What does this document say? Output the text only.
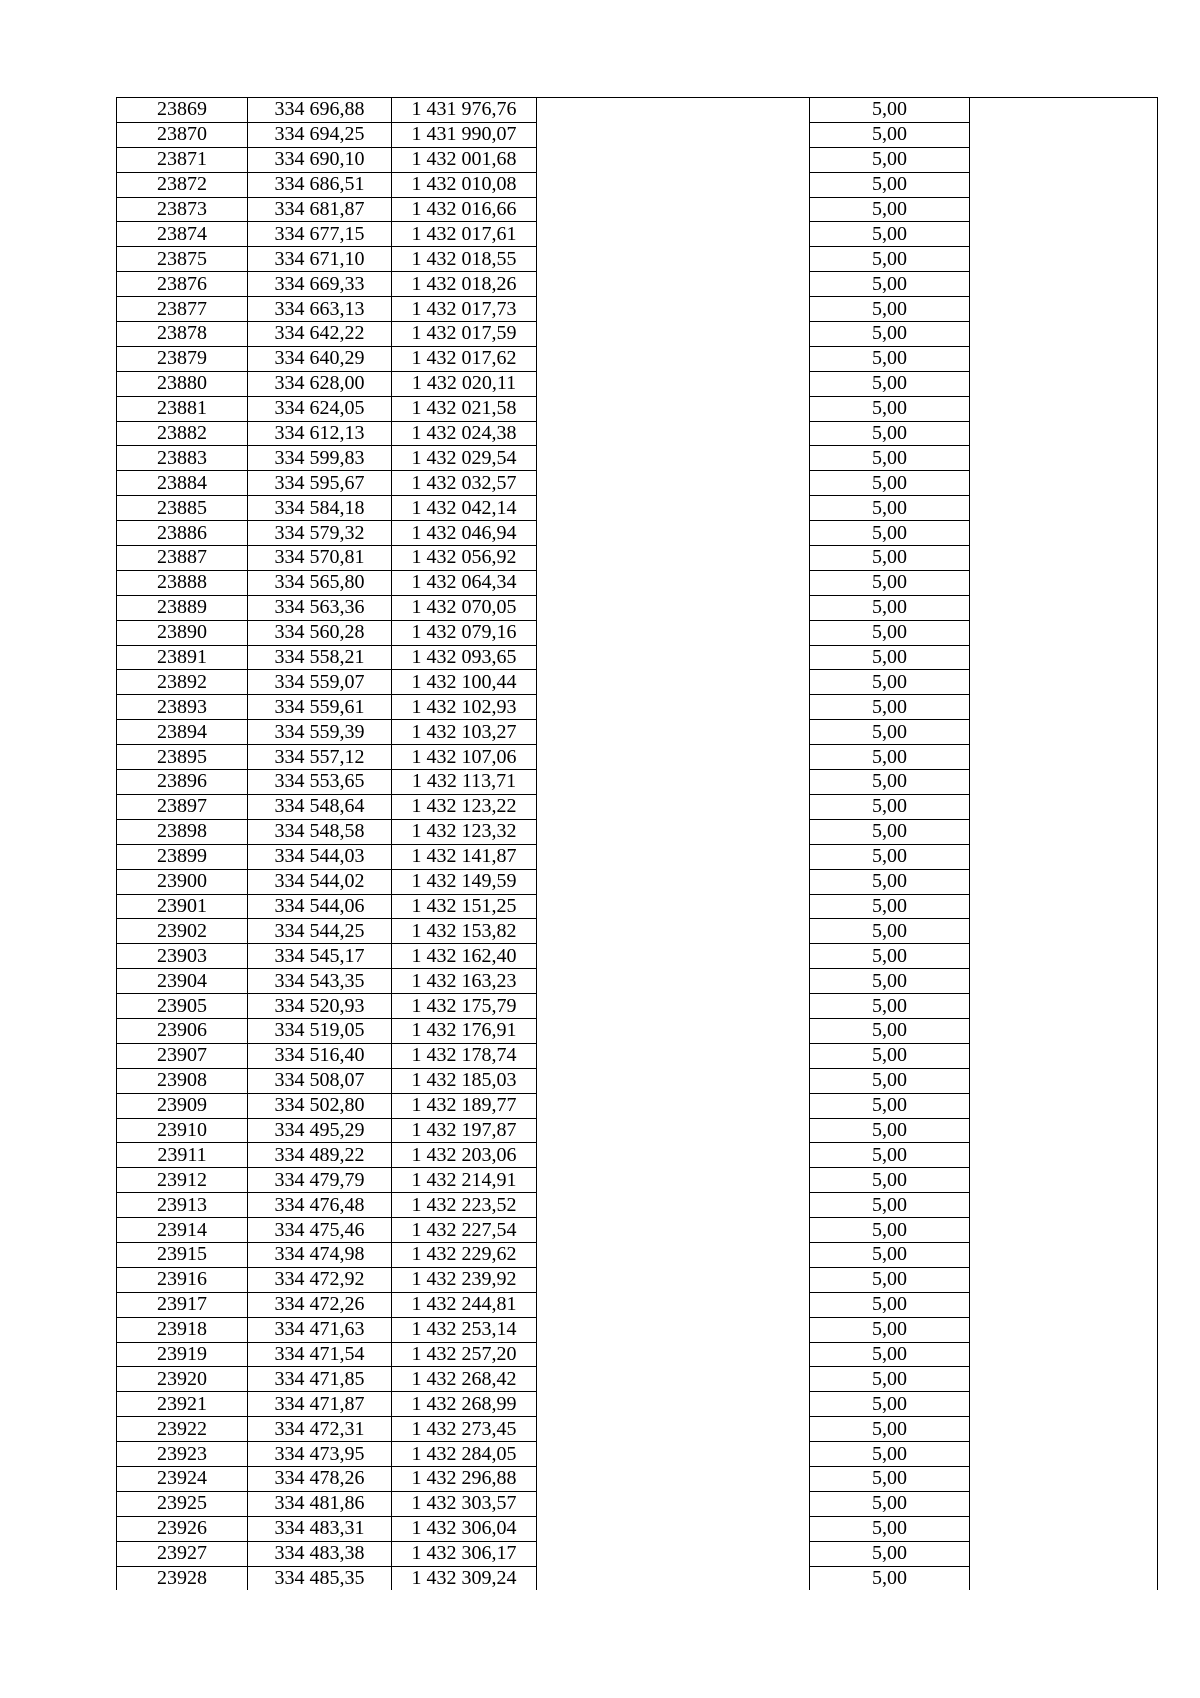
23869	334 696,88	1 431 976,76		5,00	
23870	334 694,25	1 431 990,07		5,00	
23871	334 690,10	1 432 001,68		5,00	
23872	334 686,51	1 432 010,08		5,00	
23873	334 681,87	1 432 016,66		5,00	
23874	334 677,15	1 432 017,61		5,00	
23875	334 671,10	1 432 018,55		5,00	
23876	334 669,33	1 432 018,26		5,00	
23877	334 663,13	1 432 017,73		5,00	
23878	334 642,22	1 432 017,59		5,00	
23879	334 640,29	1 432 017,62		5,00	
23880	334 628,00	1 432 020,11		5,00	
23881	334 624,05	1 432 021,58		5,00	
23882	334 612,13	1 432 024,38		5,00	
23883	334 599,83	1 432 029,54		5,00	
23884	334 595,67	1 432 032,57		5,00	
23885	334 584,18	1 432 042,14		5,00	
23886	334 579,32	1 432 046,94		5,00	
23887	334 570,81	1 432 056,92		5,00	
23888	334 565,80	1 432 064,34		5,00	
23889	334 563,36	1 432 070,05		5,00	
23890	334 560,28	1 432 079,16		5,00	
23891	334 558,21	1 432 093,65		5,00	
23892	334 559,07	1 432 100,44		5,00	
23893	334 559,61	1 432 102,93		5,00	
23894	334 559,39	1 432 103,27		5,00	
23895	334 557,12	1 432 107,06		5,00	
23896	334 553,65	1 432 113,71		5,00	
23897	334 548,64	1 432 123,22		5,00	
23898	334 548,58	1 432 123,32		5,00	
23899	334 544,03	1 432 141,87		5,00	
23900	334 544,02	1 432 149,59		5,00	
23901	334 544,06	1 432 151,25		5,00	
23902	334 544,25	1 432 153,82		5,00	
23903	334 545,17	1 432 162,40		5,00	
23904	334 543,35	1 432 163,23		5,00	
23905	334 520,93	1 432 175,79		5,00	
23906	334 519,05	1 432 176,91		5,00	
23907	334 516,40	1 432 178,74		5,00	
23908	334 508,07	1 432 185,03		5,00	
23909	334 502,80	1 432 189,77		5,00	
23910	334 495,29	1 432 197,87		5,00	
23911	334 489,22	1 432 203,06		5,00	
23912	334 479,79	1 432 214,91		5,00	
23913	334 476,48	1 432 223,52		5,00	
23914	334 475,46	1 432 227,54		5,00	
23915	334 474,98	1 432 229,62		5,00	
23916	334 472,92	1 432 239,92		5,00	
23917	334 472,26	1 432 244,81		5,00	
23918	334 471,63	1 432 253,14		5,00	
23919	334 471,54	1 432 257,20		5,00	
23920	334 471,85	1 432 268,42		5,00	
23921	334 471,87	1 432 268,99		5,00	
23922	334 472,31	1 432 273,45		5,00	
23923	334 473,95	1 432 284,05		5,00	
23924	334 478,26	1 432 296,88		5,00	
23925	334 481,86	1 432 303,57		5,00	
23926	334 483,31	1 432 306,04		5,00	
23927	334 483,38	1 432 306,17		5,00	
23928	334 485,35	1 432 309,24		5,00	
